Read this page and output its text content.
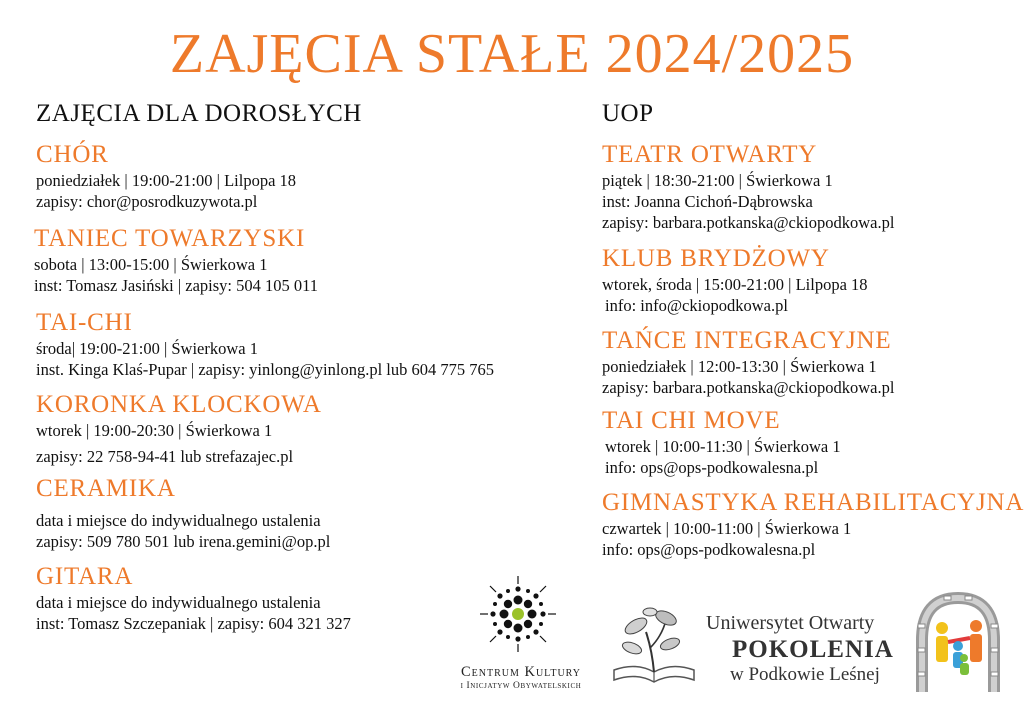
ZAJĘCIA STAŁE 2024/2025
ZAJĘCIA DLA DOROSŁYCH	UOP
CHÓR
poniedziałek | 19:00-21:00 | Lilpopa 18
zapisy: chor@posrodkuzywota.pl
TANIEC TOWARZYSKI
sobota | 13:00-15:00 | Świerkowa 1
inst: Tomasz Jasiński | zapisy: 504 105 011
TAI-CHI
środa| 19:00-21:00 | Świerkowa 1
inst. Kinga Klaś-Pupar | zapisy: yinlong@yinlong.pl lub 604 775 765
KORONKA KLOCKOWA
wtorek | 19:00-20:30 | Świerkowa 1
zapisy: 22 758-94-41 lub strefazajec.pl
CERAMIKA
data i miejsce do indywidualnego ustalenia
zapisy: 509 780 501 lub irena.gemini@op.pl
GITARA
data i miejsce do indywidualnego ustalenia
inst: Tomasz Szczepaniak | zapisy: 604 321 327
TEATR OTWARTY
piątek | 18:30-21:00 | Świerkowa 1
inst: Joanna Cichoń-Dąbrowska
zapisy: barbara.potkanska@ckiopodkowa.pl
KLUB BRYDŻOWY
wtorek, środa | 15:00-21:00 | Lilpopa 18
info: info@ckiopodkowa.pl
TAŃCE INTEGRACYJNE
poniedziałek | 12:00-13:30 | Świerkowa 1
zapisy: barbara.potkanska@ckiopodkowa.pl
TAI CHI MOVE
wtorek | 10:00-11:30 | Świerkowa 1
info: ops@ops-podkowalesna.pl
GIMNASTYKA REHABILITACYJNA
czwartek | 10:00-11:00 | Świerkowa 1
info: ops@ops-podkowalesna.pl
Centrum Kultury
i Inicjatyw Obywatelskich
Uniwersytet Otwarty
POKOLENIA
w Podkowie Leśnej
